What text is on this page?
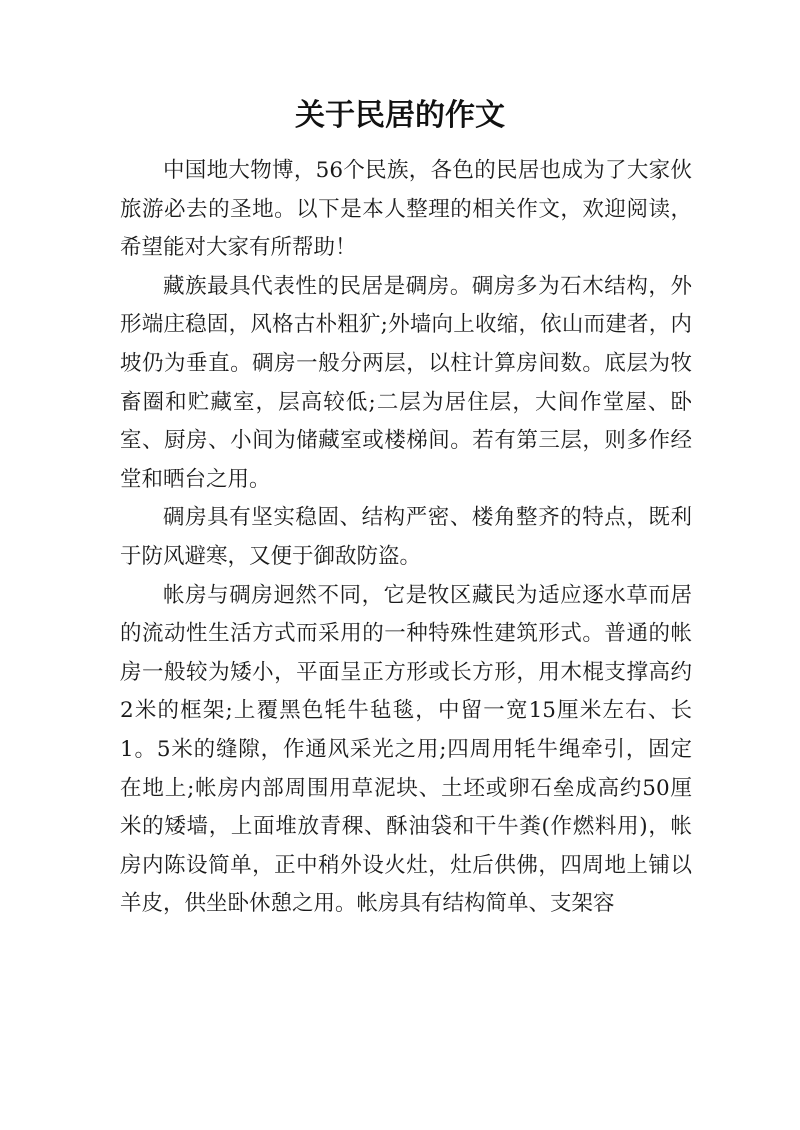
关于民居的作文

中国地大物博，56个民族，各色的民居也成为了大家伙旅游必去的圣地。以下是本人整理的相关作文，欢迎阅读，希望能对大家有所帮助！

藏族最具代表性的民居是碉房。碉房多为石木结构，外形端庄稳固，风格古朴粗犷;外墙向上收缩，依山而建者，内坡仍为垂直。碉房一般分两层，以柱计算房间数。底层为牧畜圈和贮藏室，层高较低;二层为居住层，大间作堂屋、卧室、厨房、小间为储藏室或楼梯间。若有第三层，则多作经堂和晒台之用。

碉房具有坚实稳固、结构严密、楼角整齐的特点，既利于防风避寒，又便于御敌防盗。

帐房与碉房迥然不同，它是牧区藏民为适应逐水草而居的流动性生活方式而采用的一种特殊性建筑形式。普通的帐房一般较为矮小，平面呈正方形或长方形，用木棍支撑高约2米的框架;上覆黑色牦牛毡毯，中留一宽15厘米左右、长1。5米的缝隙，作通风采光之用;四周用牦牛绳牵引，固定在地上;帐房内部周围用草泥块、土坯或卵石垒成高约50厘米的矮墙，上面堆放青稞、酥油袋和干牛粪(作燃料用)，帐房内陈设简单，正中稍外设火灶，灶后供佛，四周地上铺以羊皮，供坐卧休憩之用。帐房具有结构简单、支架容
